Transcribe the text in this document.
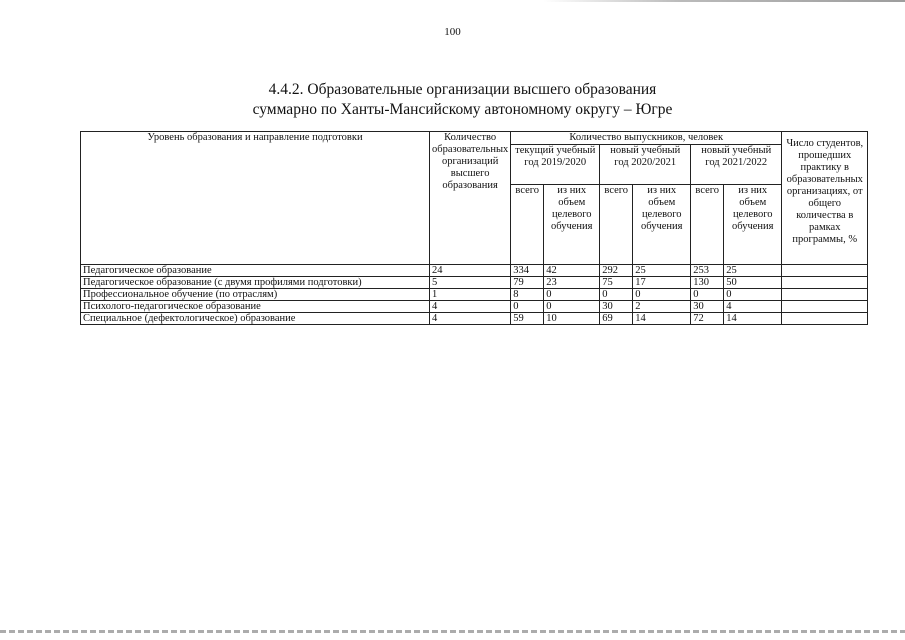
100
4.4.2. Образовательные организации высшего образования
суммарно по Ханты-Мансийскому автономному округу – Югре
Уровень образования и направление подготовки	Количество образовательных организаций высшего образования	Количество выпускников, человек						Число студентов, прошедших практику в образовательных организациях, от общего количества в рамках программы, %
		текущий учебный год 2019/2020		новый учебный год 2020/2021		новый учебный год 2021/2022		
		всего	из них объем целевого обучения	всего	из них объем целевого обучения	всего	из них объем целевого обучения	
Педагогическое образование	24	334	42	292	25	253	25	
Педагогическое образование (с двумя профилями подготовки)	5	79	23	75	17	130	50	
Профессиональное обучение (по отраслям)	1	8	0	0	0	0	0	
Психолого-педагогическое образование	4	0	0	30	2	30	4	
Специальное (дефектологическое) образование	4	59	10	69	14	72	14	
